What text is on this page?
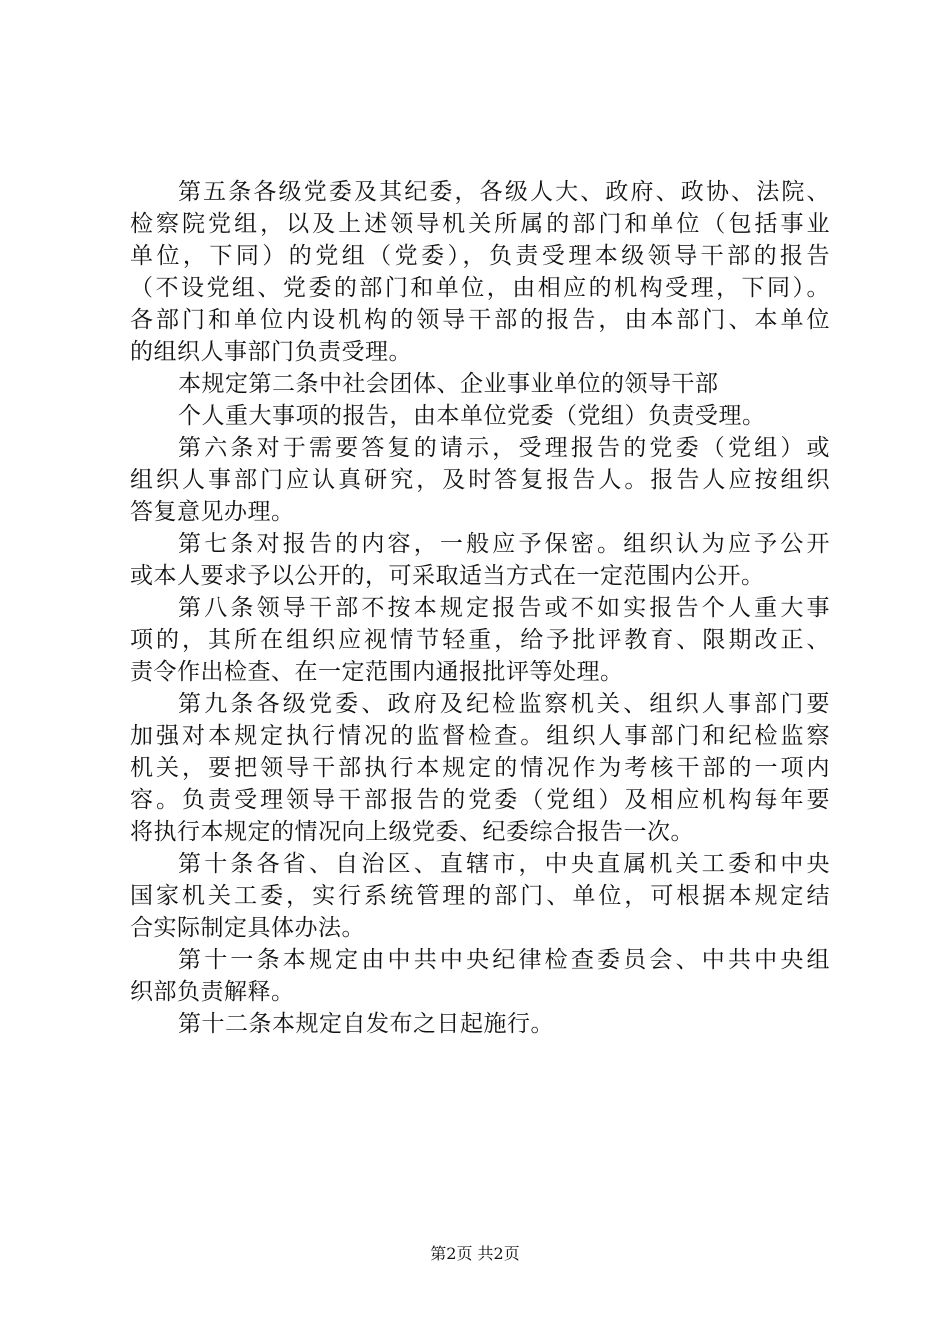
第五条各级党委及其纪委，各级人大、政府、政协、法院、
检察院党组，以及上述领导机关所属的部门和单位（包括事业
单位，下同）的党组（党委），负责受理本级领导干部的报告
（不设党组、党委的部门和单位，由相应的机构受理，下同）。
各部门和单位内设机构的领导干部的报告，由本部门、本单位
的组织人事部门负责受理。
本规定第二条中社会团体、企业事业单位的领导干部
个人重大事项的报告，由本单位党委（党组）负责受理。
第六条对于需要答复的请示，受理报告的党委（党组）或
组织人事部门应认真研究，及时答复报告人。报告人应按组织
答复意见办理。
第七条对报告的内容，一般应予保密。组织认为应予公开
或本人要求予以公开的，可采取适当方式在一定范围内公开。
第八条领导干部不按本规定报告或不如实报告个人重大事
项的，其所在组织应视情节轻重，给予批评教育、限期改正、
责令作出检查、在一定范围内通报批评等处理。
第九条各级党委、政府及纪检监察机关、组织人事部门要
加强对本规定执行情况的监督检查。组织人事部门和纪检监察
机关，要把领导干部执行本规定的情况作为考核干部的一项内
容。负责受理领导干部报告的党委（党组）及相应机构每年要
将执行本规定的情况向上级党委、纪委综合报告一次。
第十条各省、自治区、直辖市，中央直属机关工委和中央
国家机关工委，实行系统管理的部门、单位，可根据本规定结
合实际制定具体办法。
第十一条本规定由中共中央纪律检查委员会、中共中央组
织部负责解释。
第十二条本规定自发布之日起施行。
第2页 共2页
